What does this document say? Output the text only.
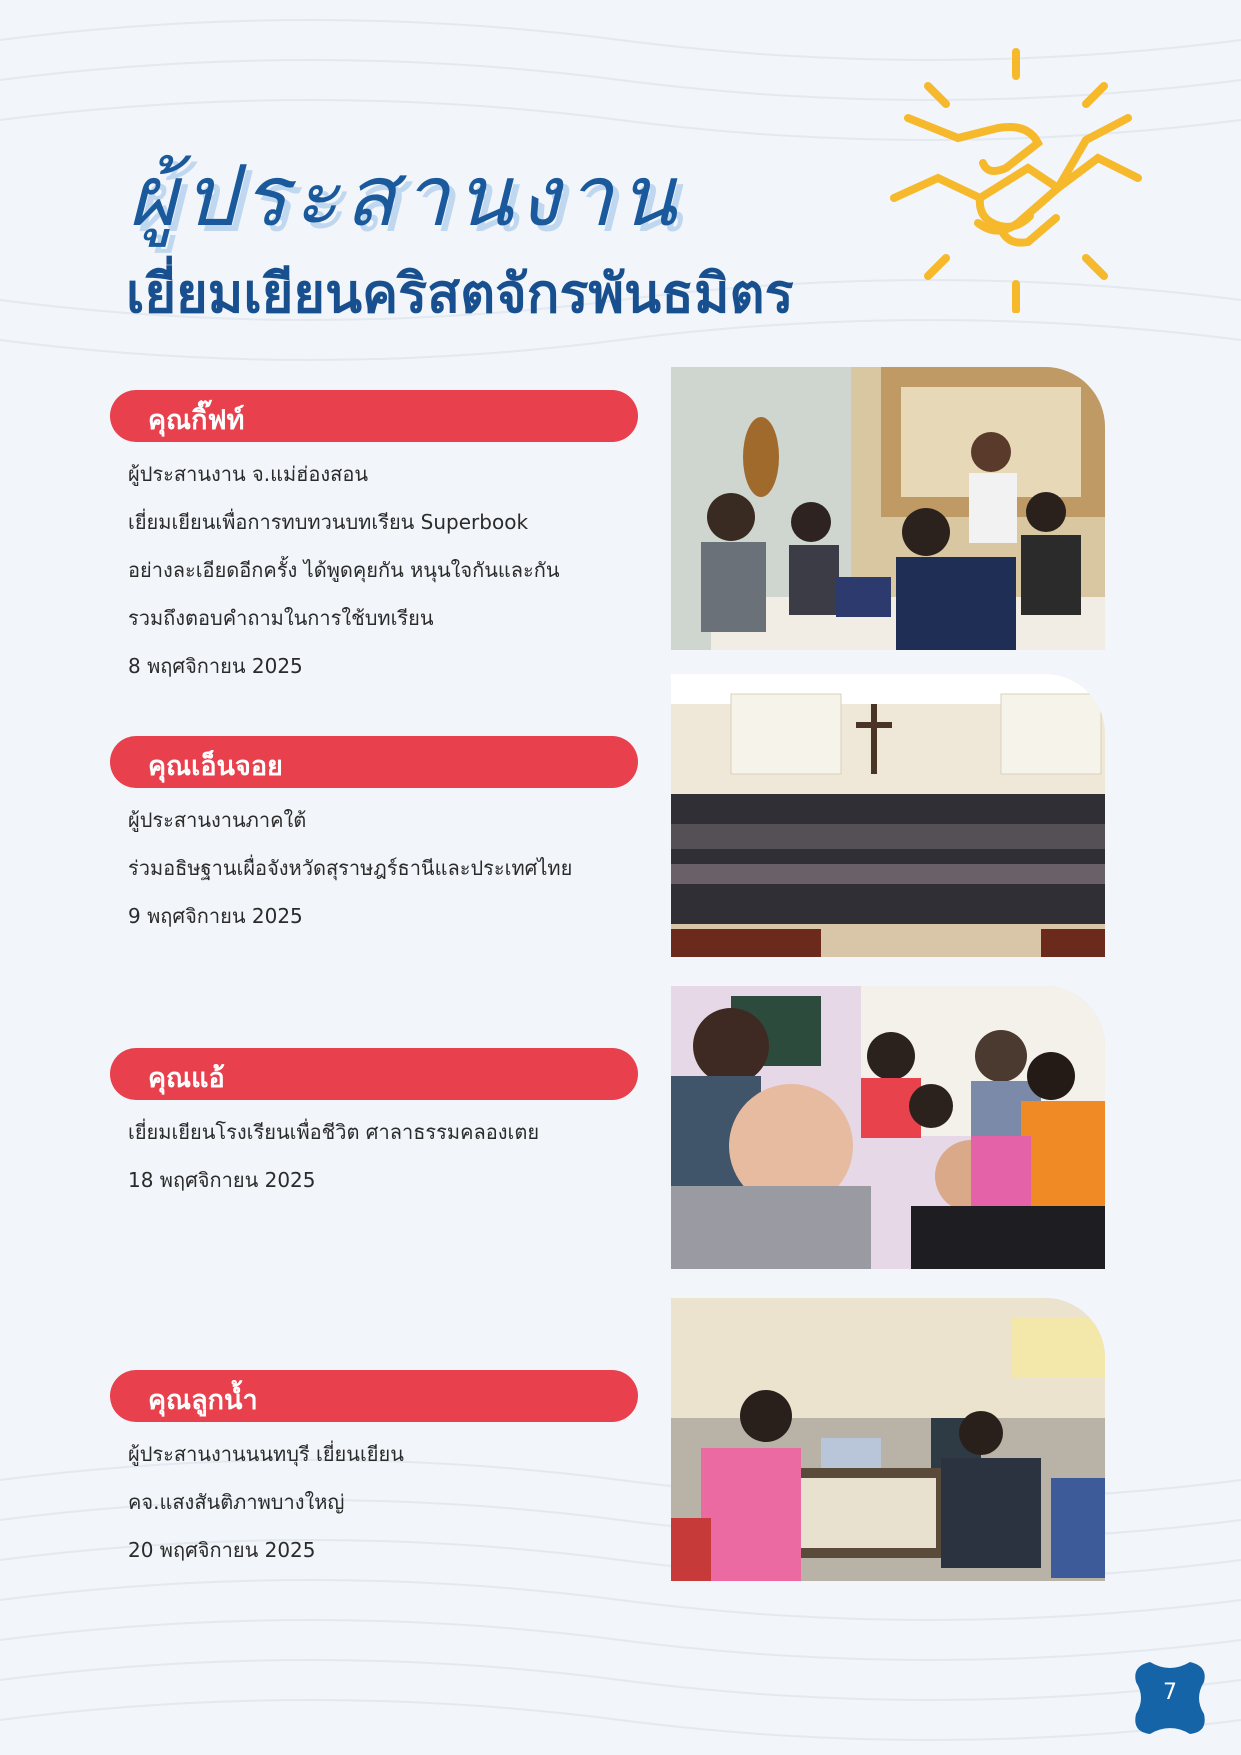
ผู้ประสานงาน
เยี่ยมเยียนคริสตจักรพันธมิตร
คุณกิ๊ฟท์
ผู้ประสานงาน จ.แม่ฮ่องสอน
เยี่ยมเยียนเพื่อการทบทวนบทเรียน Superbook
อย่างละเอียดอีกครั้ง ได้พูดคุยกัน หนุนใจกันและกัน
รวมถึงตอบคำถามในการใช้บทเรียน
8 พฤศจิกายน 2025
คุณเอ็นจอย
ผู้ประสานงานภาคใต้
ร่วมอธิษฐานเผื่อจังหวัดสุราษฎร์ธานีและประเทศไทย
9 พฤศจิกายน 2025
คุณแอ้
เยี่ยมเยียนโรงเรียนเพื่อชีวิต ศาลาธรรมคลองเตย
18 พฤศจิกายน 2025
คุณลูกน้ำ
ผู้ประสานงานนนทบุรี เยี่ยนเยียน
คจ.แสงสันติภาพบางใหญ่
20 พฤศจิกายน 2025
7
